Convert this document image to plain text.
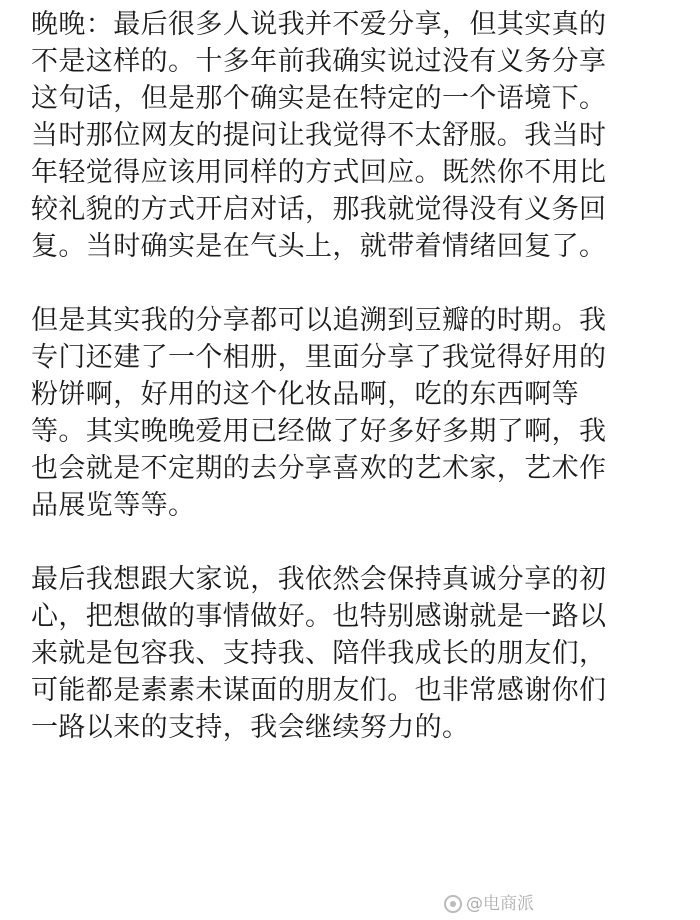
晚晚：最后很多人说我并不爱分享，但其实真的
不是这样的。十多年前我确实说过没有义务分享
这句话，但是那个确实是在特定的一个语境下。
当时那位网友的提问让我觉得不太舒服。我当时
年轻觉得应该用同样的方式回应。既然你不用比
较礼貌的方式开启对话，那我就觉得没有义务回
复。当时确实是在气头上，就带着情绪回复了。

但是其实我的分享都可以追溯到豆瓣的时期。我
专门还建了一个相册，里面分享了我觉得好用的
粉饼啊，好用的这个化妆品啊，吃的东西啊等
等。其实晚晚爱用已经做了好多好多期了啊，我
也会就是不定期的去分享喜欢的艺术家，艺术作
品展览等等。

最后我想跟大家说，我依然会保持真诚分享的初
心，把想做的事情做好。也特别感谢就是一路以
来就是包容我、支持我、陪伴我成长的朋友们，
可能都是素素未谋面的朋友们。也非常感谢你们
一路以来的支持，我会继续努力的。

@电商派
